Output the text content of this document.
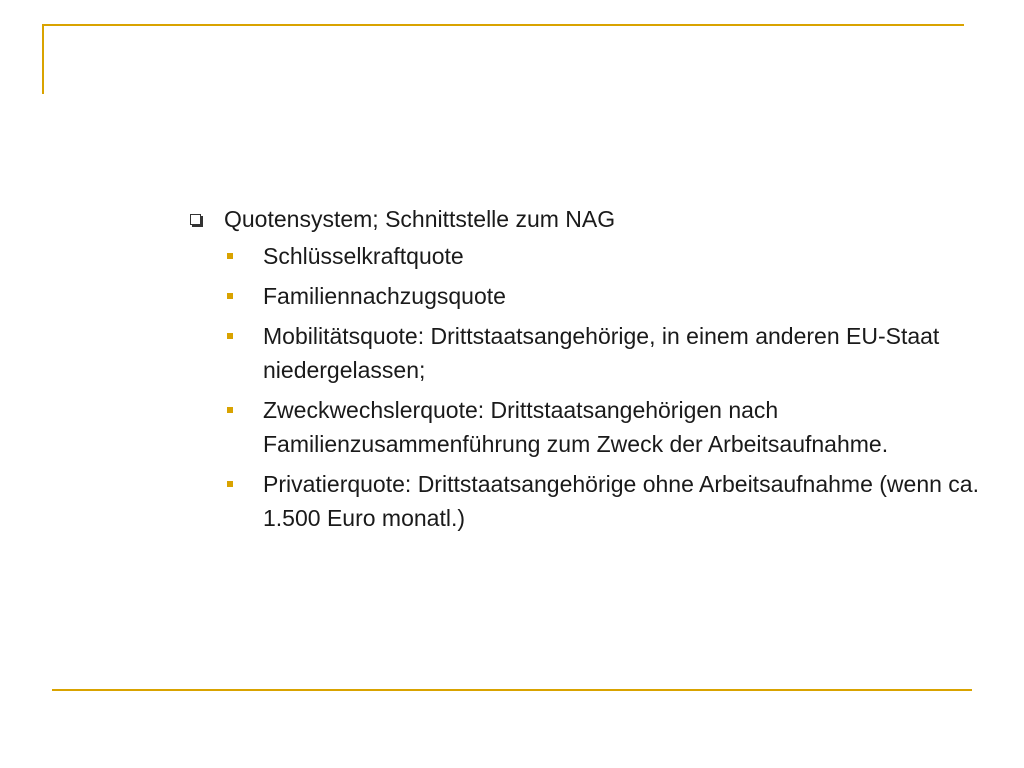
Quotensystem; Schnittstelle zum NAG

Schlüsselkraftquote
Familiennachzugsquote
Mobilitätsquote: Drittstaatsangehörige, in einem anderen EU-Staat niedergelassen;
Zweckwechslerquote: Drittstaatsangehörigen nach Familienzusammenführung zum Zweck der Arbeitsaufnahme.
Privatierquote: Drittstaatsangehörige ohne Arbeitsaufnahme (wenn ca. 1.500 Euro monatl.)
